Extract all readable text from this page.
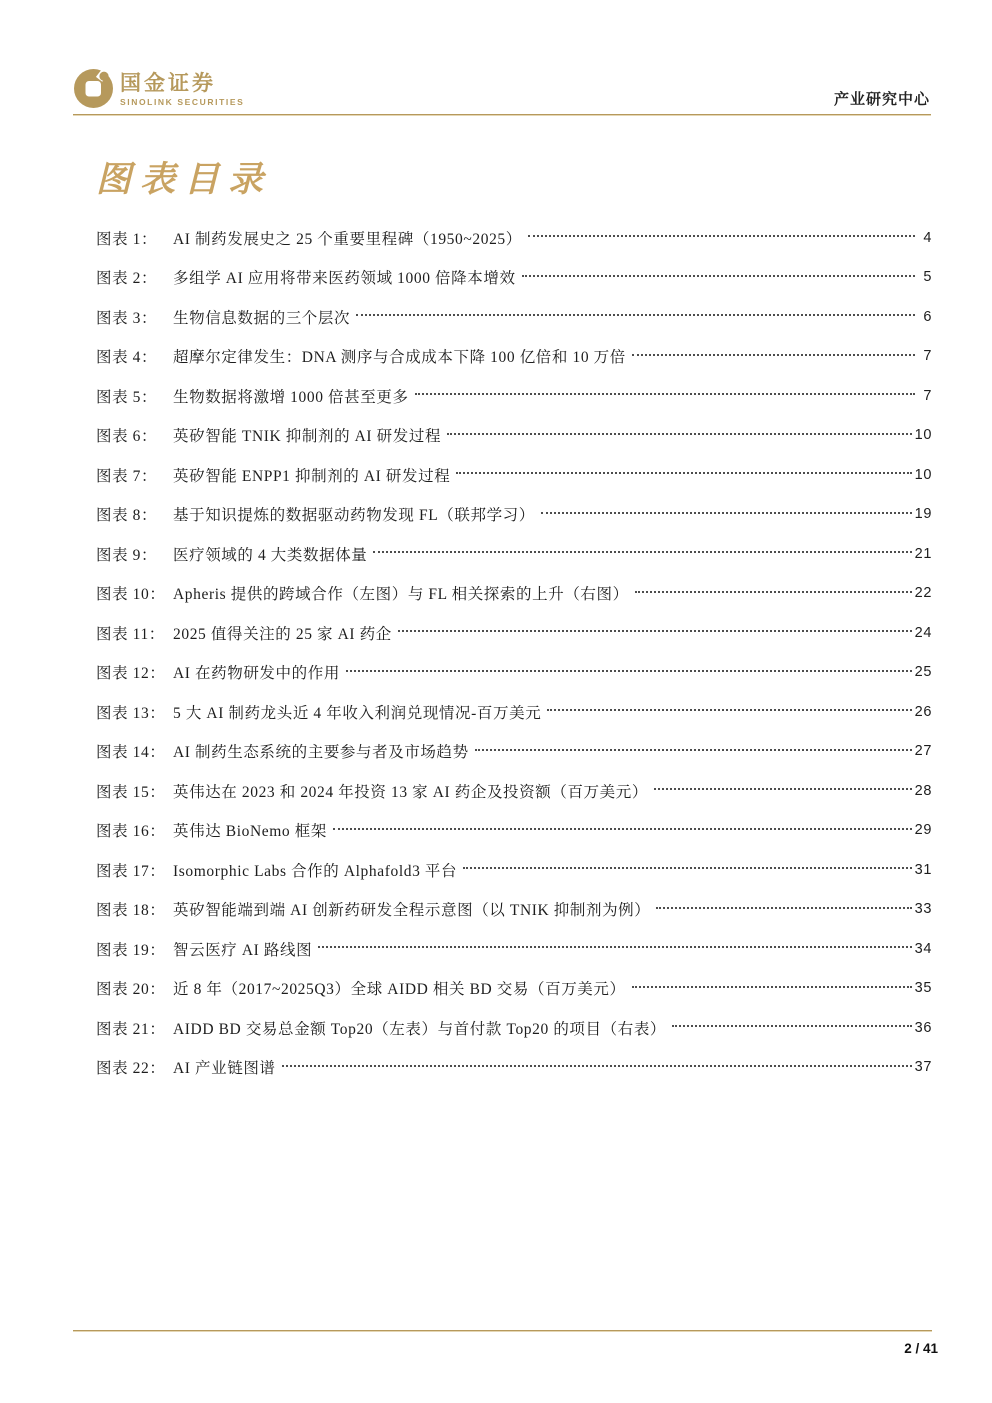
国金证券
SINOLINK SECURITIES	产业研究中心
图表目录
图表 1：	AI 制药发展史之 25 个重要里程碑（1950~2025）	4
图表 2：	多组学 AI 应用将带来医药领域 1000 倍降本增效	5
图表 3：	生物信息数据的三个层次	6
图表 4：	超摩尔定律发生：DNA 测序与合成成本下降 100 亿倍和 10 万倍	7
图表 5：	生物数据将激增 1000 倍甚至更多	7
图表 6：	英矽智能 TNIK 抑制剂的 AI 研发过程	10
图表 7：	英矽智能 ENPP1 抑制剂的 AI 研发过程	10
图表 8：	基于知识提炼的数据驱动药物发现 FL（联邦学习）	19
图表 9：	医疗领域的 4 大类数据体量	21
图表 10： Apheris 提供的跨域合作（左图）与 FL 相关探索的上升（右图）	22
图表 11： 2025 值得关注的 25 家 AI 药企	24
图表 12： AI 在药物研发中的作用	25
图表 13： 5 大 AI 制药龙头近 4 年收入利润兑现情况-百万美元	26
图表 14： AI 制药生态系统的主要参与者及市场趋势	27
图表 15： 英伟达在 2023 和 2024 年投资 13 家 AI 药企及投资额（百万美元）	28
图表 16： 英伟达 BioNemo 框架	29
图表 17： Isomorphic Labs 合作的 Alphafold3 平台	31
图表 18： 英矽智能端到端 AI 创新药研发全程示意图（以 TNIK 抑制剂为例）	33
图表 19： 智云医疗 AI 路线图	34
图表 20： 近 8 年（2017~2025Q3）全球 AIDD 相关 BD 交易（百万美元）	35
图表 21： AIDD BD 交易总金额 Top20（左表）与首付款 Top20 的项目（右表）	36
图表 22： AI 产业链图谱	37
2 / 41
